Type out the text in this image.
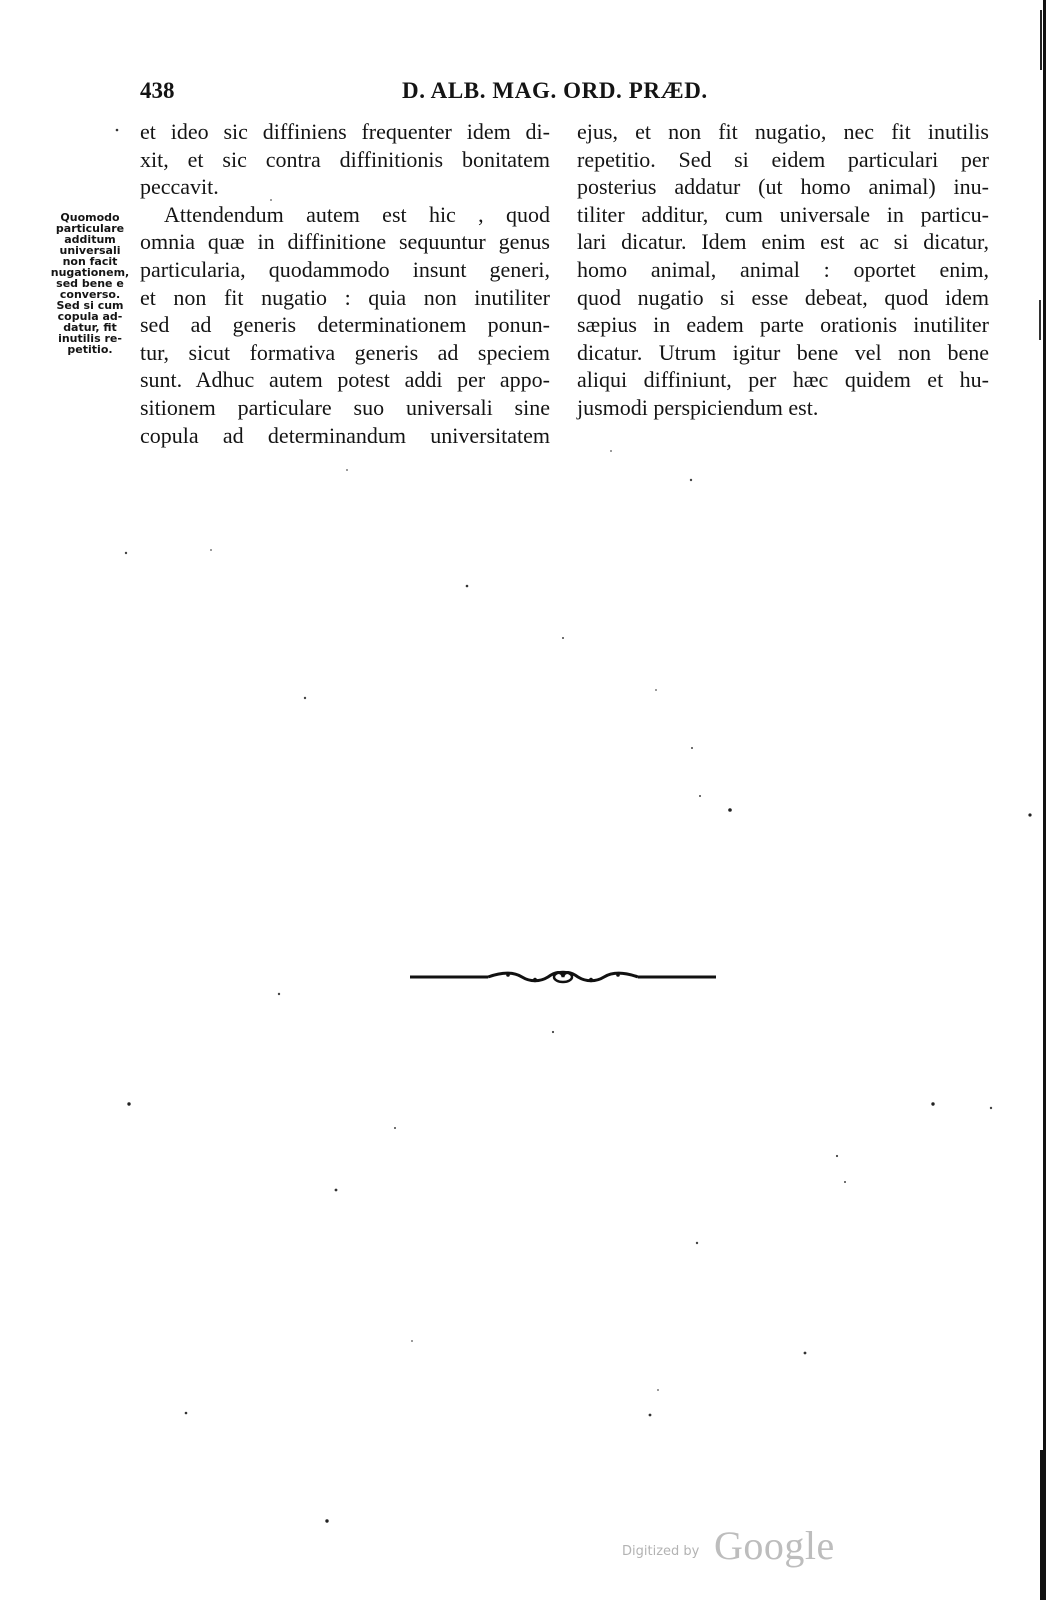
438	D. ALB. MAG. ORD. PRÆD.
Quomodo
particulare
additum
universali
non facit
nugationem,
sed bene e
converso.
Sed si cum
copula ad-
datur, fit
inutilis re-
petitio.
et ideo sic diffiniens frequenter idem di-
xit, et sic contra diffinitionis bonitatem
peccavit.
Attendendum autem est hic , quod
omnia quæ in diffinitione sequuntur genus
particularia, quodammodo insunt generi,
et non fit nugatio : quia non inutiliter
sed ad generis determinationem ponun-
tur, sicut formativa generis ad speciem
sunt. Adhuc autem potest addi per appo-
sitionem particulare suo universali sine
copula ad determinandum universitatem
ejus, et non fit nugatio, nec fit inutilis
repetitio. Sed si eidem particulari per
posterius addatur (ut homo animal) inu-
tiliter additur, cum universale in particu-
lari dicatur. Idem enim est ac si dicatur,
homo animal, animal : oportet enim,
quod nugatio si esse debeat, quod idem
sæpius in eadem parte orationis inutiliter
dicatur. Utrum igitur bene vel non bene
aliqui diffiniunt, per hæc quidem et hu-
jusmodi perspiciendum est.
Digitized by Google
